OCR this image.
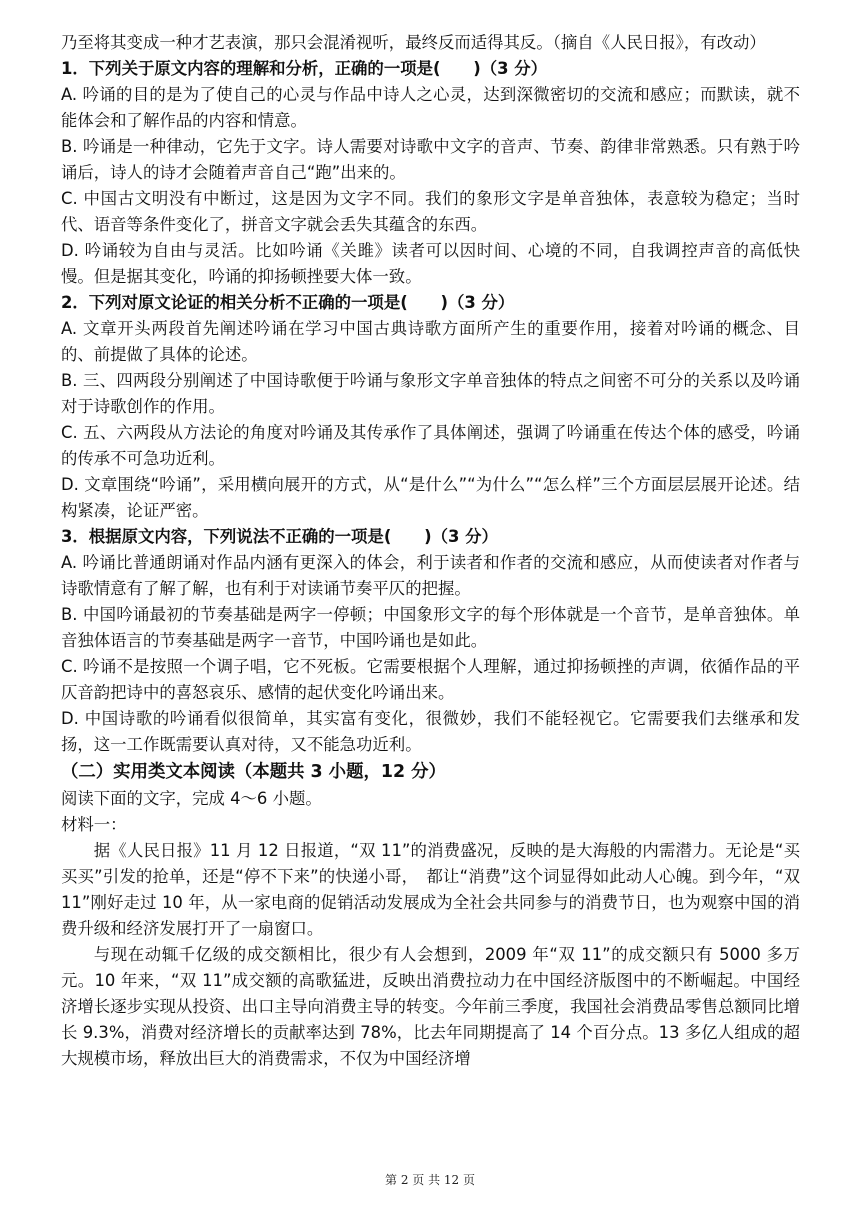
乃至将其变成一种才艺表演，那只会混淆视听，最终反而适得其反。（摘自《人民日报》，有改动）

1．下列关于原文内容的理解和分析，正确的一项是(　　)（3 分）

A. 吟诵的目的是为了使自己的心灵与作品中诗人之心灵，达到深微密切的交流和感应；而默读，就不能体会和了解作品的内容和情意。

B. 吟诵是一种律动，它先于文字。诗人需要对诗歌中文字的音声、节奏、韵律非常熟悉。只有熟于吟诵后，诗人的诗才会随着声音自己“跑”出来的。

C. 中国古文明没有中断过，这是因为文字不同。我们的象形文字是单音独体，表意较为稳定；当时代、语音等条件变化了，拼音文字就会丢失其蕴含的东西。

D. 吟诵较为自由与灵活。比如吟诵《关雎》读者可以因时间、心境的不同，自我调控声音的高低快慢。但是据其变化，吟诵的抑扬顿挫要大体一致。

2．下列对原文论证的相关分析不正确的一项是(　　)（3 分）

A. 文章开头两段首先阐述吟诵在学习中国古典诗歌方面所产生的重要作用，接着对吟诵的概念、目的、前提做了具体的论述。

B. 三、四两段分别阐述了中国诗歌便于吟诵与象形文字单音独体的特点之间密不可分的关系以及吟诵对于诗歌创作的作用。

C. 五、六两段从方法论的角度对吟诵及其传承作了具体阐述，强调了吟诵重在传达个体的感受，吟诵的传承不可急功近利。

D. 文章围绕“吟诵”，采用横向展开的方式，从“是什么”“为什么”“怎么样”三个方面层层展开论述。结构紧凑，论证严密。

3．根据原文内容，下列说法不正确的一项是(　　)（3 分）

A. 吟诵比普通朗诵对作品内涵有更深入的体会，利于读者和作者的交流和感应，从而使读者对作者与诗歌情意有了解了解，也有利于对读诵节奏平仄的把握。

B. 中国吟诵最初的节奏基础是两字一停顿；中国象形文字的每个形体就是一个音节，是单音独体。单音独体语言的节奏基础是两字一音节，中国吟诵也是如此。

C. 吟诵不是按照一个调子唱，它不死板。它需要根据个人理解，通过抑扬顿挫的声调，依循作品的平仄音韵把诗中的喜怒哀乐、感情的起伏变化吟诵出来。

D. 中国诗歌的吟诵看似很简单，其实富有变化，很微妙，我们不能轻视它。它需要我们去继承和发扬，这一工作既需要认真对待，又不能急功近利。

（二）实用类文本阅读（本题共 3 小题，12 分）

阅读下面的文字，完成 4～6 小题。

材料一：

据《人民日报》11 月 12 日报道，“双 11”的消费盛况，反映的是大海般的内需潜力。无论是“买买买”引发的抢单，还是“停不下来”的快递小哥，　都让“消费”这个词显得如此动人心魄。到今年，“双 11”刚好走过 10 年，从一家电商的促销活动发展成为全社会共同参与的消费节日，也为观察中国的消费升级和经济发展打开了一扇窗口。

与现在动辄千亿级的成交额相比，很少有人会想到，2009 年“双 11”的成交额只有 5000 多万元。10 年来，“双 11”成交额的高歌猛进，反映出消费拉动力在中国经济版图中的不断崛起。中国经济增长逐步实现从投资、出口主导向消费主导的转变。今年前三季度，我国社会消费品零售总额同比增长 9.3%，消费对经济增长的贡献率达到 78%，比去年同期提高了 14 个百分点。13 多亿人组成的超大规模市场，释放出巨大的消费需求，不仅为中国经济增

第 2 页 共 12 页
